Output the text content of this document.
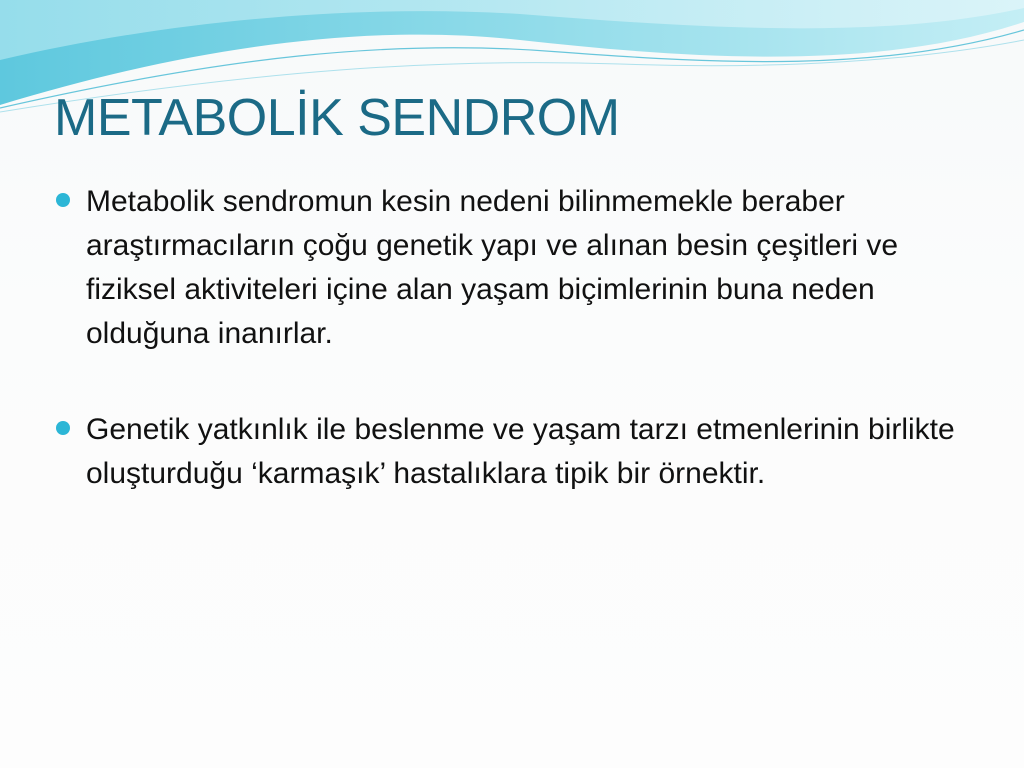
METABOLİK SENDROM
Metabolik sendromun kesin nedeni bilinmemekle beraber araştırmacıların çoğu genetik yapı ve alınan besin çeşitleri ve fiziksel aktiviteleri içine alan yaşam biçimlerinin buna neden olduğuna inanırlar.
Genetik yatkınlık ile beslenme ve yaşam tarzı etmenlerinin birlikte oluşturduğu ‘karmaşık’ hastalıklara tipik bir örnektir.
